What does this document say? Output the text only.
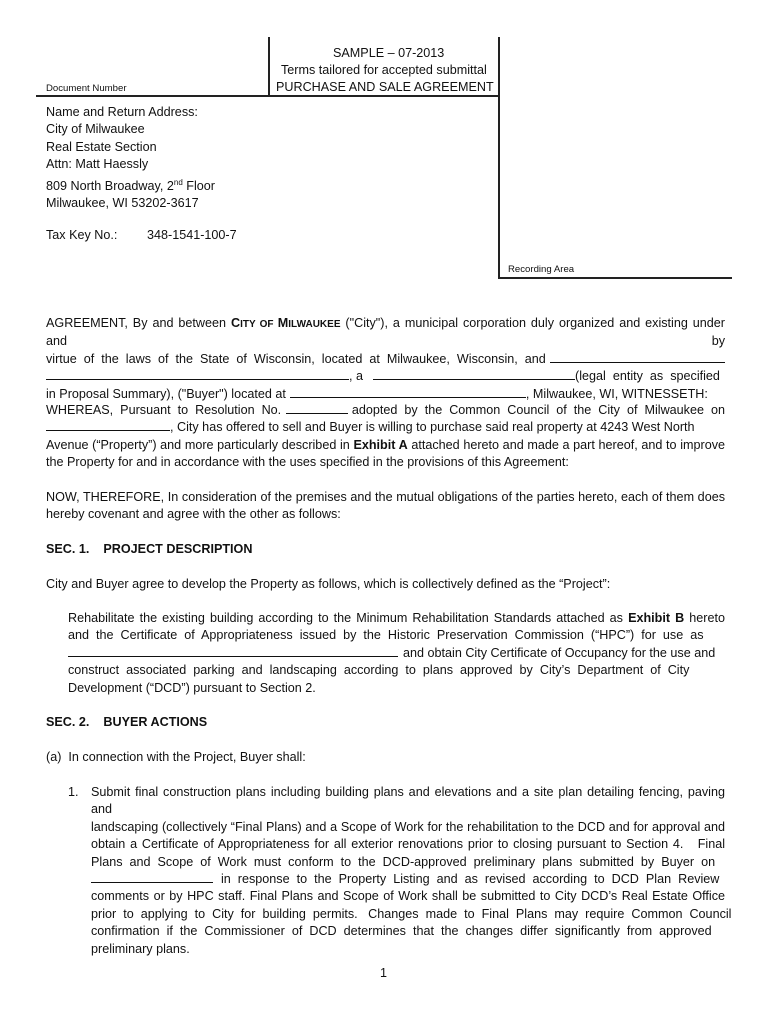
SAMPLE – 07-2013
Terms tailored for accepted submittal
PURCHASE AND SALE AGREEMENT
Document Number
Recording Area
Name and Return Address:
City of Milwaukee
Real Estate Section
Attn: Matt Haessly
809 North Broadway, 2nd Floor
Milwaukee, WI 53202-3617
Tax Key No.: 348-1541-100-7
AGREEMENT, By and between CITY OF MILWAUKEE ("City"), a municipal corporation duly organized and existing under and by
virtue  of  the  laws  of  the  State  of  Wisconsin,  located  at  Milwaukee,  Wisconsin,  and
, a	(legal  entity  as  specified
in Proposal Summary), ("Buyer") located at	, Milwaukee, WI, WITNESSETH:
WHEREAS,  Pursuant  to  Resolution  No.	adopted  by  the  Common  Council  of  the  City  of  Milwaukee  on
, City has offered to sell and Buyer is willing to purchase said real property at 4243 West North
Avenue (“Property”) and more particularly described in Exhibit A attached hereto and made a part hereof, and to improve
the Property for and in accordance with the uses specified in the provisions of this Agreement:
NOW, THEREFORE, In consideration of the premises and the mutual obligations of the parties hereto, each of them does
hereby covenant and agree with the other as follows:
SEC. 1.    PROJECT DESCRIPTION
City and Buyer agree to develop the Property as follows, which is collectively defined as the “Project”:
Rehabilitate the existing building according to the Minimum Rehabilitation Standards attached as Exhibit B hereto
and  the  Certificate  of  Appropriateness  issued  by  the  Historic  Preservation  Commission  (“HPC”)  for  use  as
and obtain City Certificate of Occupancy for the use and
construct  associated  parking  and  landscaping  according  to  plans  approved  by  City’s  Department  of  City
Development (“DCD”) pursuant to Section 2.
SEC. 2.    BUYER ACTIONS
(a)  In connection with the Project, Buyer shall:
1. Submit final construction plans including building plans and elevations and a site plan detailing fencing, paving and
landscaping (collectively “Final Plans) and a Scope of Work for the rehabilitation to the DCD and for approval and
obtain a Certificate of Appropriateness for all exterior renovations prior to closing pursuant to Section 4.   Final
Plans  and  Scope  of  Work  must  conform  to  the  DCD-approved  preliminary  plans  submitted  by  Buyer  on
in  response  to  the  Property  Listing  and  as  revised  according  to  DCD  Plan  Review
comments or by HPC staff. Final Plans and Scope of Work shall be submitted to City DCD’s Real Estate Office
prior  to  applying  to  City  for  building  permits.   Changes  made  to  Final  Plans  may  require  Common  Council
confirmation  if  the  Commissioner  of  DCD  determines  that  the  changes  differ  significantly  from  approved
preliminary plans.
1
